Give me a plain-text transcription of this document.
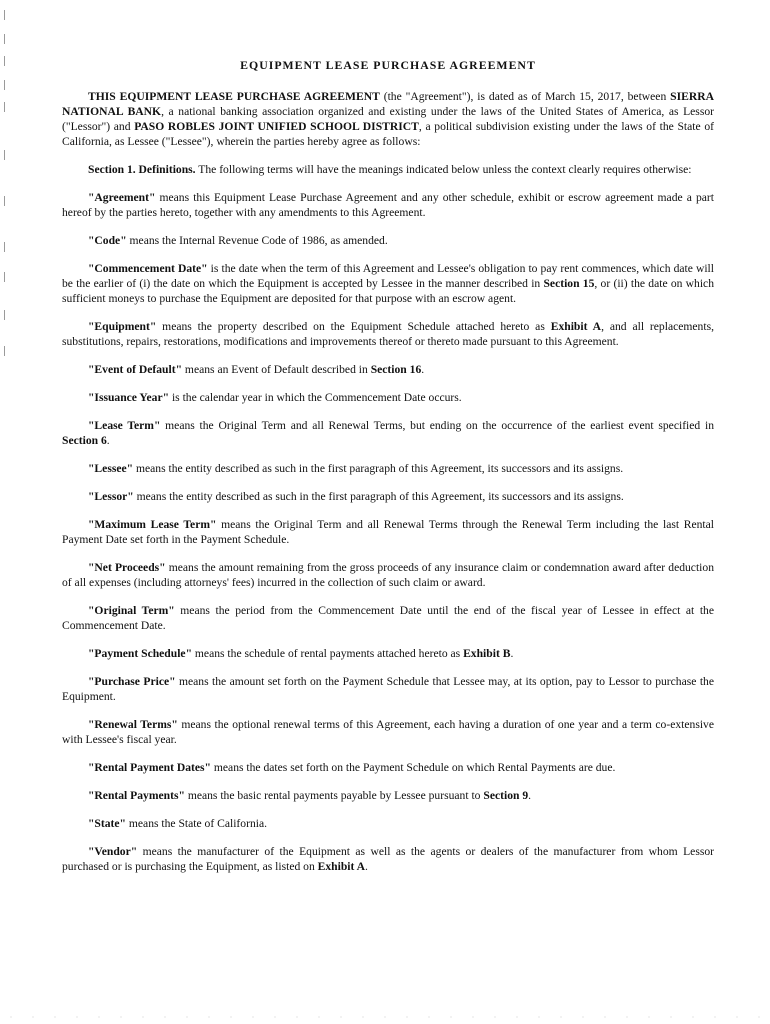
EQUIPMENT LEASE PURCHASE AGREEMENT

THIS EQUIPMENT LEASE PURCHASE AGREEMENT (the "Agreement"), is dated as of March 15, 2017, between SIERRA NATIONAL BANK, a national banking association organized and existing under the laws of the United States of America, as Lessor ("Lessor") and PASO ROBLES JOINT UNIFIED SCHOOL DISTRICT, a political subdivision existing under the laws of the State of California, as Lessee ("Lessee"), wherein the parties hereby agree as follows:

Section 1. Definitions. The following terms will have the meanings indicated below unless the context clearly requires otherwise:

"Agreement" means this Equipment Lease Purchase Agreement and any other schedule, exhibit or escrow agreement made a part hereof by the parties hereto, together with any amendments to this Agreement.

"Code" means the Internal Revenue Code of 1986, as amended.

"Commencement Date" is the date when the term of this Agreement and Lessee's obligation to pay rent commences, which date will be the earlier of (i) the date on which the Equipment is accepted by Lessee in the manner described in Section 15, or (ii) the date on which sufficient moneys to purchase the Equipment are deposited for that purpose with an escrow agent.

"Equipment" means the property described on the Equipment Schedule attached hereto as Exhibit A, and all replacements, substitutions, repairs, restorations, modifications and improvements thereof or thereto made pursuant to this Agreement.

"Event of Default" means an Event of Default described in Section 16.

"Issuance Year" is the calendar year in which the Commencement Date occurs.

"Lease Term" means the Original Term and all Renewal Terms, but ending on the occurrence of the earliest event specified in Section 6.

"Lessee" means the entity described as such in the first paragraph of this Agreement, its successors and its assigns.

"Lessor" means the entity described as such in the first paragraph of this Agreement, its successors and its assigns.

"Maximum Lease Term" means the Original Term and all Renewal Terms through the Renewal Term including the last Rental Payment Date set forth in the Payment Schedule.

"Net Proceeds" means the amount remaining from the gross proceeds of any insurance claim or condemnation award after deduction of all expenses (including attorneys' fees) incurred in the collection of such claim or award.

"Original Term" means the period from the Commencement Date until the end of the fiscal year of Lessee in effect at the Commencement Date.

"Payment Schedule" means the schedule of rental payments attached hereto as Exhibit B.

"Purchase Price" means the amount set forth on the Payment Schedule that Lessee may, at its option, pay to Lessor to purchase the Equipment.

"Renewal Terms" means the optional renewal terms of this Agreement, each having a duration of one year and a term co-extensive with Lessee's fiscal year.

"Rental Payment Dates" means the dates set forth on the Payment Schedule on which Rental Payments are due.

"Rental Payments" means the basic rental payments payable by Lessee pursuant to Section 9.

"State" means the State of California.

"Vendor" means the manufacturer of the Equipment as well as the agents or dealers of the manufacturer from whom Lessor purchased or is purchasing the Equipment, as listed on Exhibit A.
